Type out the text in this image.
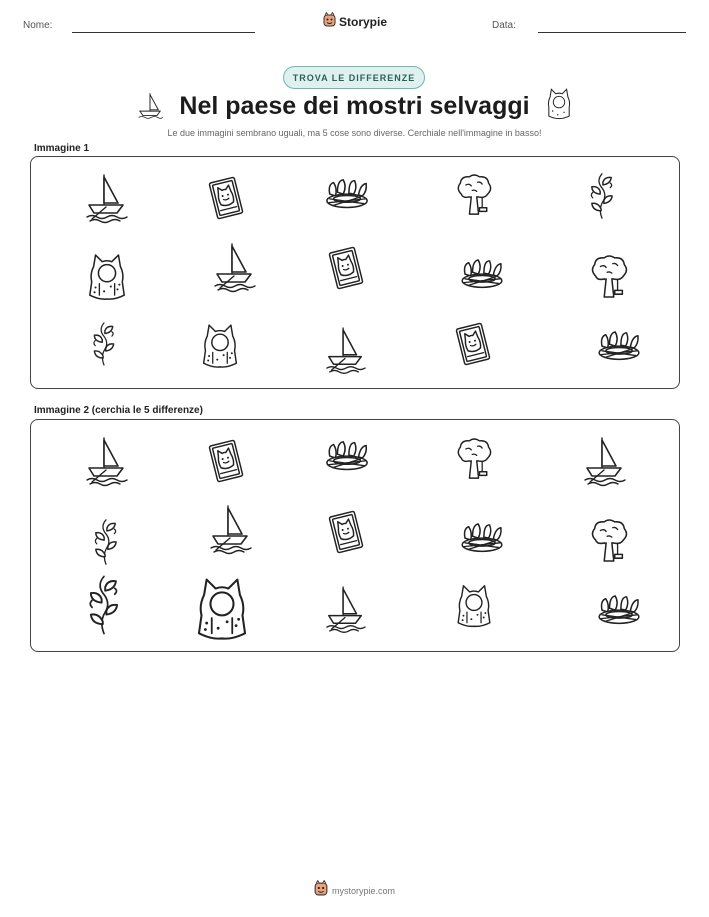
Nome:	Storypie	Data:
TROVA LE DIFFERENZE
Nel paese dei mostri selvaggi
Le due immagini sembrano uguali, ma 5 cose sono diverse. Cerchiale nell'immagine in basso!
Immagine 1
Immagine 2 (cerchia le 5 differenze)
mystorypie.com
